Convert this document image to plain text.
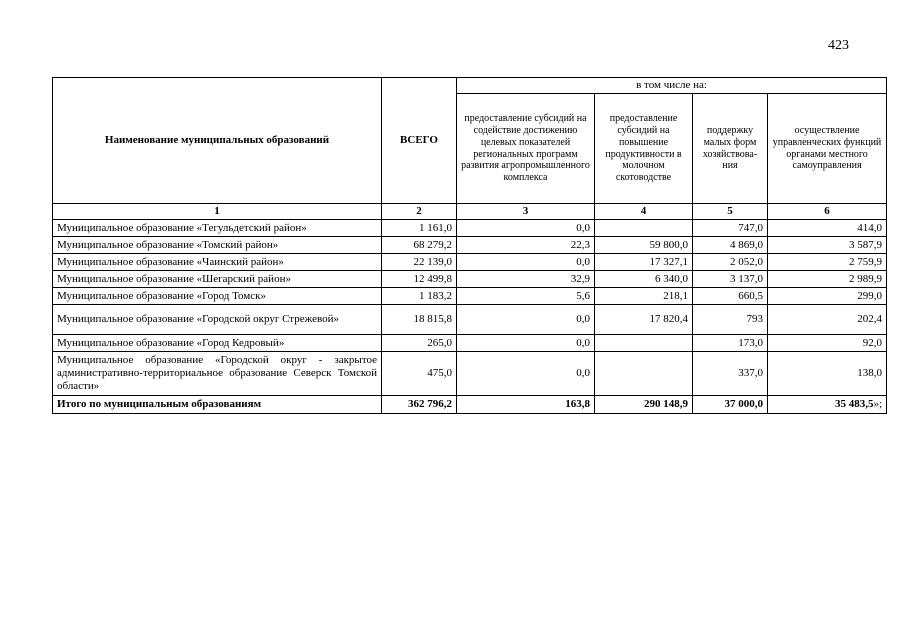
423
Наименование муниципальных образований	ВСЕГО	в том числе на:			
		предоставление субсидий на содействие достижению целевых показателей региональных программ развития агропромышленного комплекса	предоставление субсидий на повышение продуктивности в молочном скотоводстве	поддержку малых форм хозяйствова-ния	осуществление управленческих функций органами местного самоуправления
1	2	3	4	5	6
Муниципальное образование «Тегульдетский район»	1 161,0	0,0		747,0	414,0
Муниципальное образование «Томский район»	68 279,2	22,3	59 800,0	4 869,0	3 587,9
Муниципальное образование «Чаинский район»	22 139,0	0,0	17 327,1	2 052,0	2 759,9
Муниципальное образование «Шегарский район»	12 499,8	32,9	6 340,0	3 137,0	2 989,9
Муниципальное образование «Город Томск»	1 183,2	5,6	218,1	660,5	299,0
Муниципальное образование «Городской округ Стрежевой»	18 815,8	0,0	17 820,4	793	202,4
Муниципальное образование «Город Кедровый»	265,0	0,0		173,0	92,0
Муниципальное образование «Городской округ - закрытое административно-территориальное образование Северск Томской области»	475,0	0,0		337,0	138,0
Итого по муниципальным образованиям	362 796,2	163,8	290 148,9	37 000,0	35 483,5»;
